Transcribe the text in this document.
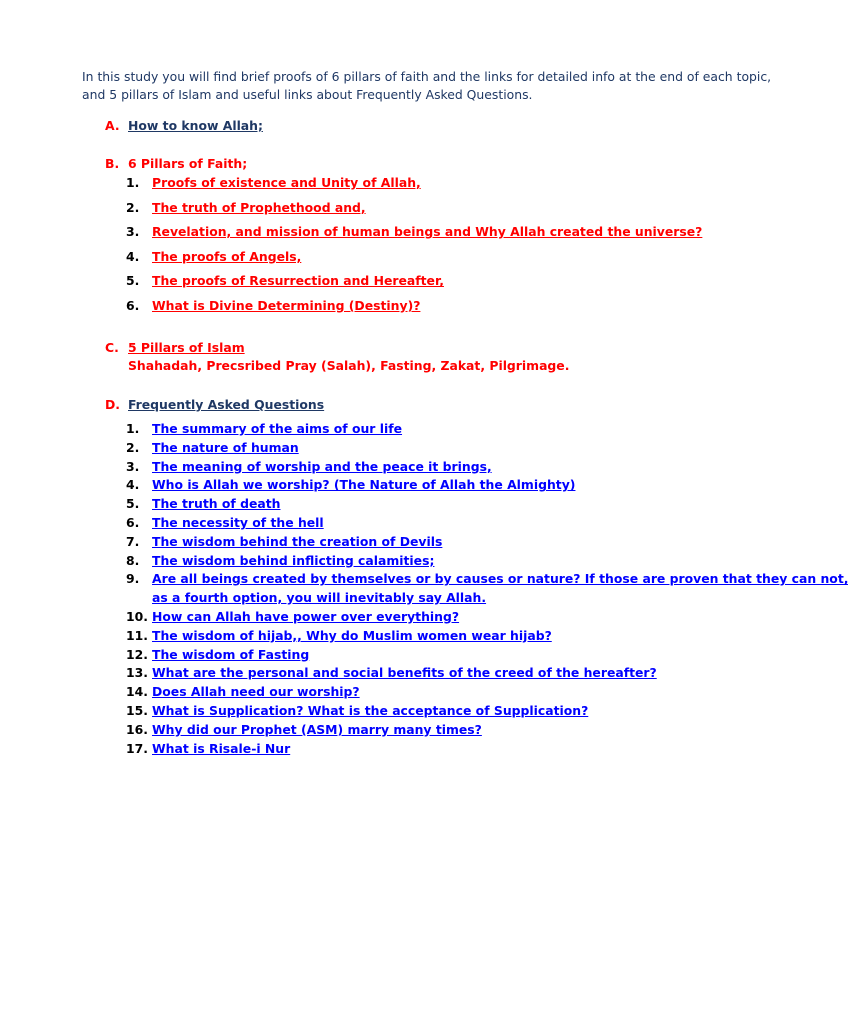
In this study you will find brief proofs of 6 pillars of faith and the links for detailed info at the end of each topic,

and 5 pillars of Islam and useful links about Frequently Asked Questions.

A. How to know Allah;
B. 6 Pillars of Faith;
1. Proofs of existence and Unity of Allah,
2. The truth of Prophethood and,
3. Revelation, and mission of human beings and Why Allah created the universe?
4. The proofs of Angels,
5. The proofs of Resurrection and Hereafter,
6. What is Divine Determining (Destiny)?
C. 5 Pillars of Islam
Shahadah, Precsribed Pray (Salah), Fasting, Zakat, Pilgrimage.
D. Frequently Asked Questions
1. The summary of the aims of our life
2. The nature of human
3. The meaning of worship and the peace it brings,
4. Who is Allah we worship? (The Nature of Allah the Almighty)
5. The truth of death
6. The necessity of the hell
7. The wisdom behind the creation of Devils
8. The wisdom behind inflicting calamities;
9. Are all beings created by themselves or by causes or nature? If those are proven that they can not,
as a fourth option, you will inevitably say Allah.
10. How can Allah have power over everything?
11. The wisdom of hijab,, Why do Muslim women wear hijab?
12. The wisdom of Fasting
13. What are the personal and social benefits of the creed of the hereafter?
14. Does Allah need our worship?
15. What is Supplication? What is the acceptance of Supplication?
16. Why did our Prophet (ASM) marry many times?
17. What is Risale-i Nur
